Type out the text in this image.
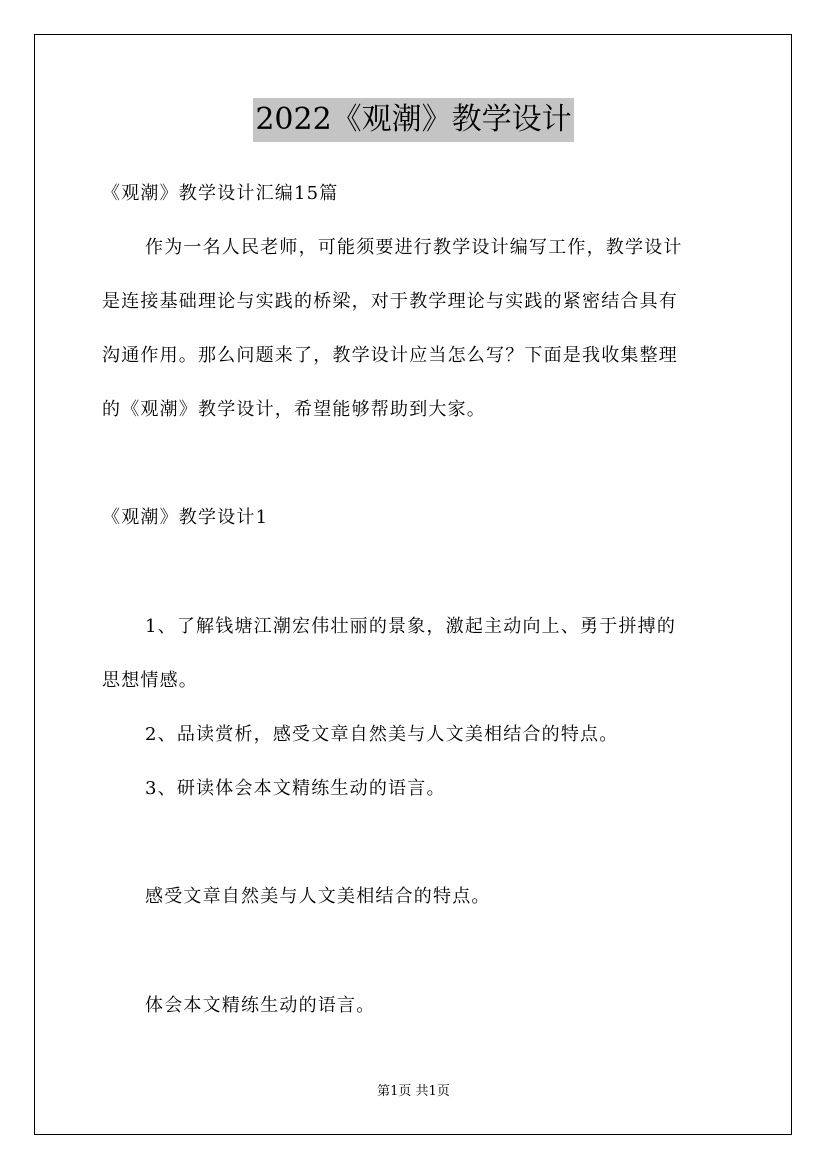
2022《观潮》教学设计
《观潮》教学设计汇编15篇
作为一名人民老师，可能须要进行教学设计编写工作，教学设计
是连接基础理论与实践的桥梁，对于教学理论与实践的紧密结合具有
沟通作用。那么问题来了，教学设计应当怎么写？下面是我收集整理
的《观潮》教学设计，希望能够帮助到大家。
《观潮》教学设计1
1、了解钱塘江潮宏伟壮丽的景象，激起主动向上、勇于拼搏的
思想情感。
2、品读赏析，感受文章自然美与人文美相结合的特点。
3、研读体会本文精练生动的语言。
感受文章自然美与人文美相结合的特点。
体会本文精练生动的语言。
第1页 共1页
